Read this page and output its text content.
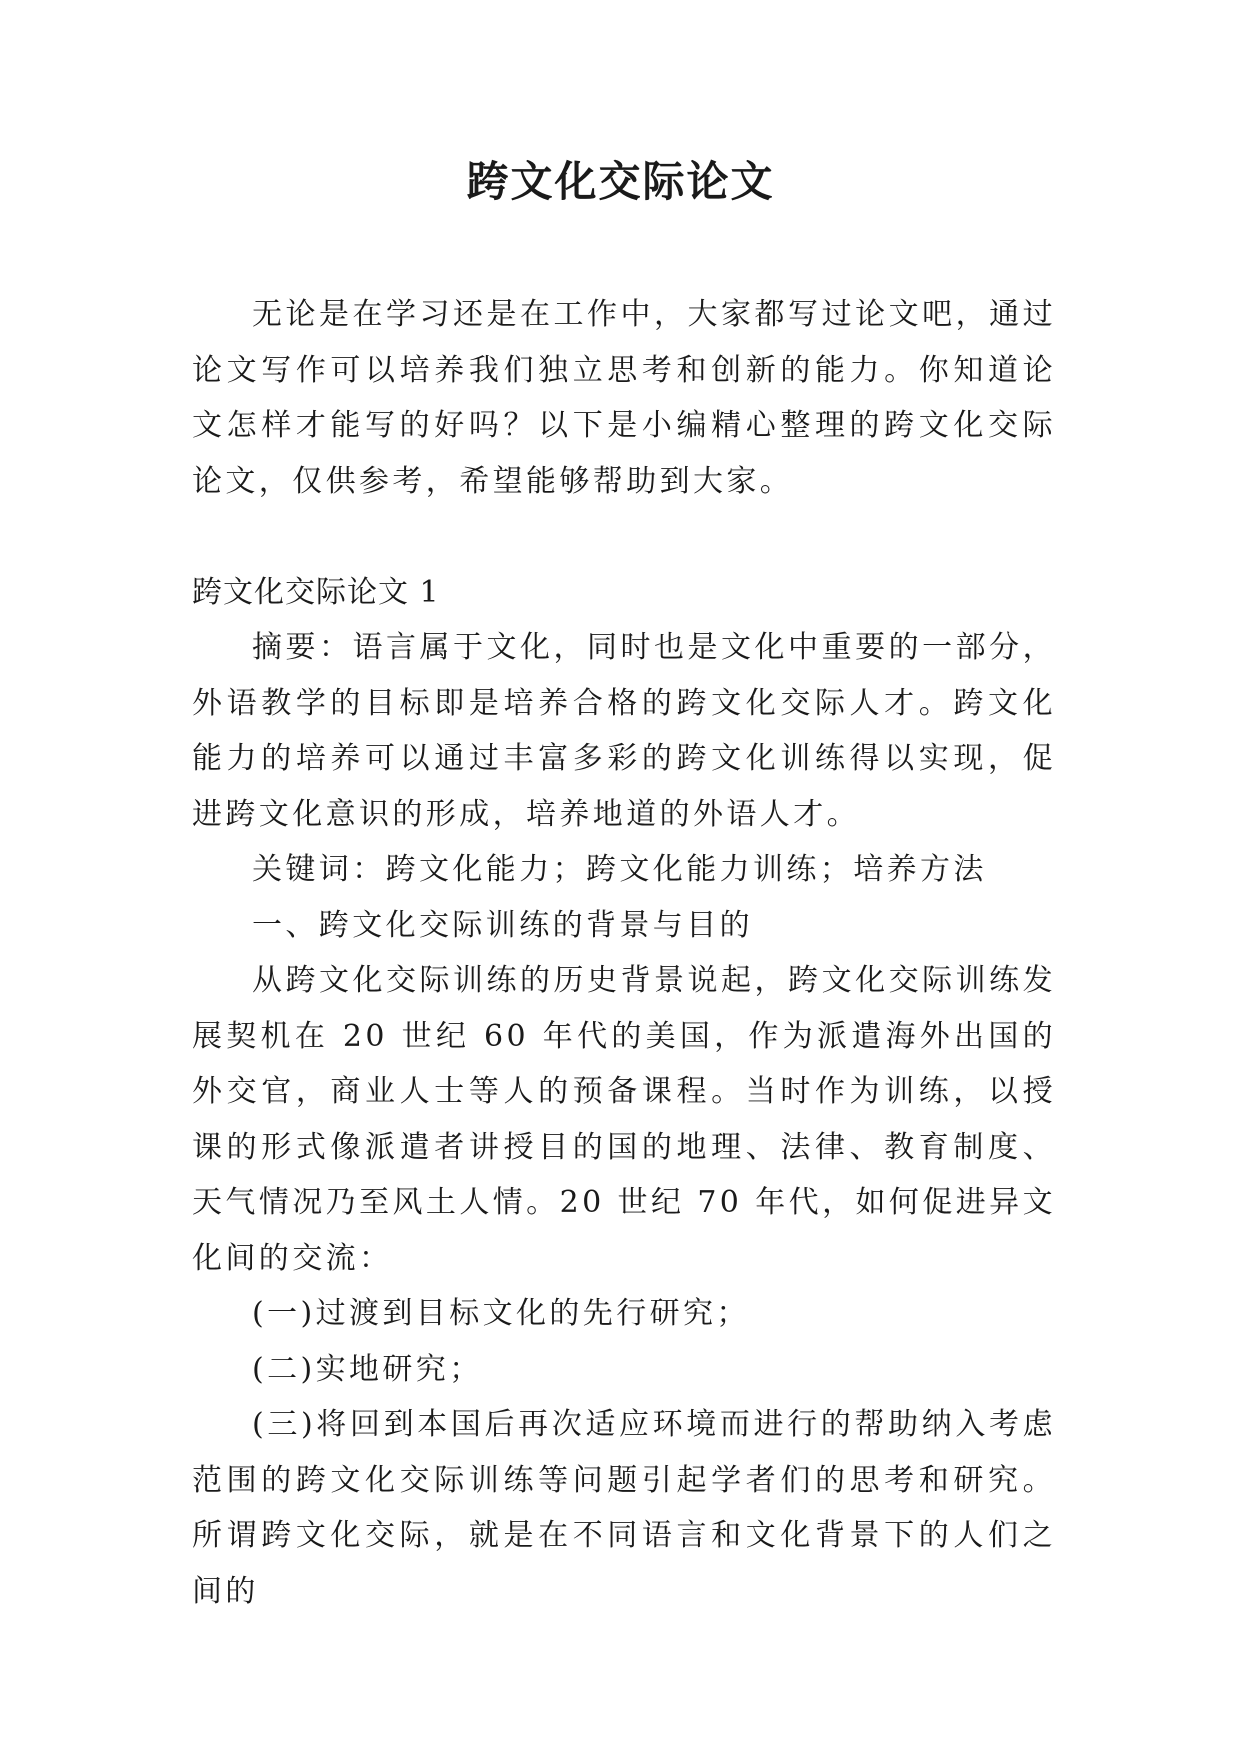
跨文化交际论文

无论是在学习还是在工作中，大家都写过论文吧，通过论文写作可以培养我们独立思考和创新的能力。你知道论文怎样才能写的好吗？以下是小编精心整理的跨文化交际论文，仅供参考，希望能够帮助到大家。

跨文化交际论文 1

摘要：语言属于文化，同时也是文化中重要的一部分，外语教学的目标即是培养合格的跨文化交际人才。跨文化能力的培养可以通过丰富多彩的跨文化训练得以实现，促进跨文化意识的形成，培养地道的外语人才。

关键词：跨文化能力；跨文化能力训练；培养方法

一、跨文化交际训练的背景与目的

从跨文化交际训练的历史背景说起，跨文化交际训练发展契机在 20 世纪 60 年代的美国，作为派遣海外出国的外交官，商业人士等人的预备课程。当时作为训练，以授课的形式像派遣者讲授目的国的地理、法律、教育制度、天气情况乃至风土人情。20 世纪 70 年代，如何促进异文化间的交流：

(一)过渡到目标文化的先行研究；

(二)实地研究；

(三)将回到本国后再次适应环境而进行的帮助纳入考虑范围的跨文化交际训练等问题引起学者们的思考和研究。所谓跨文化交际，就是在不同语言和文化背景下的人们之间的
